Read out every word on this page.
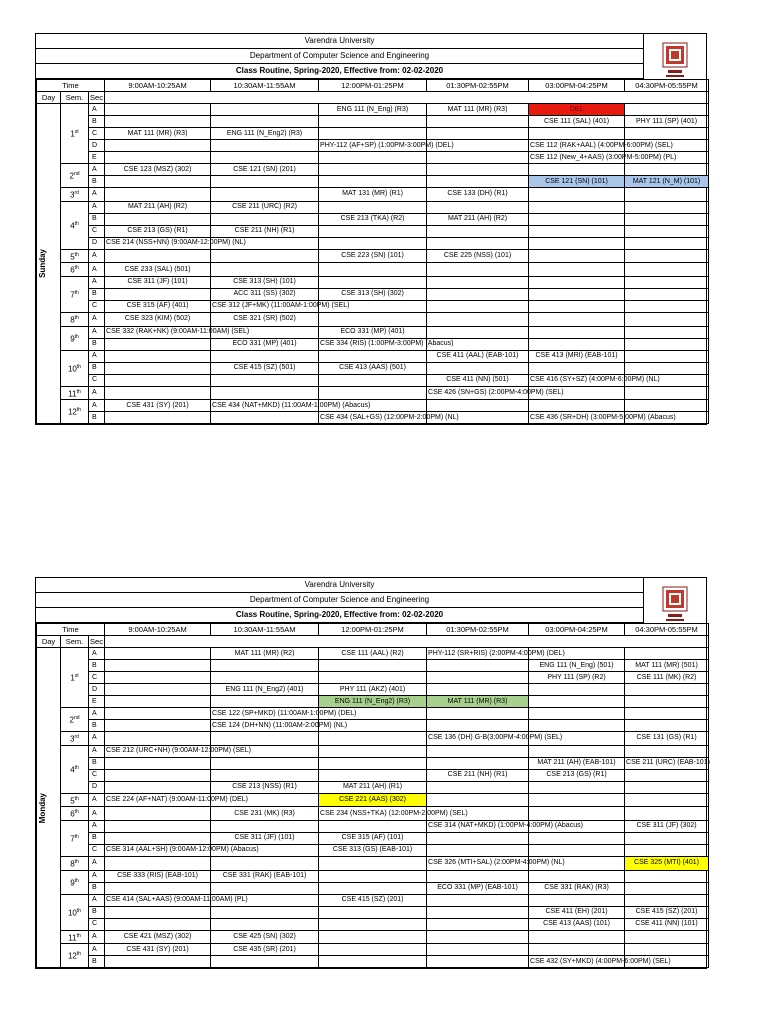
Varendra University
Department of Computer Science and Engineering
Class Routine, Spring-2020, Effective from: 02-02-2020
Time			9:00AM-10:25AM	10:30AM-11:55AM	12:00PM-01:25PM	01:30PM-02:55PM	03:00PM-04:25PM	04:30PM-05:55PM
Day	Sem.	Sec						

Sunday	1st	A			ENG 111 (N_Eng) (R3)	MAT 111 (MR) (R3)	DEL	
		B					CSE 111 (SAL) (401)	PHY 111 (SP) (401)
		C	MAT 111 (MR) (R3)	ENG 111 (N_Eng2) (R3)				
		D			PHY-112 (AF+SP) (1:00PM-3:00PM) (DEL)		CSE 112 (RAK+AAL) (4:00PM-6:00PM) (SEL)	
		E					CSE 112 (New_4+AAS) (3:00PM-5:00PM) (PL)	
	2nd	A	CSE 123 (MSZ) (302)	CSE 121 (SN) (201)				
		B					CSE 121 (SN) (101)	MAT 121 (N_M) (101)
	3rd	A			MAT 131 (MR) (R1)	CSE 133 (DH) (R1)		
	4th	A	MAT 211 (AH) (R2)	CSE 211 (URC) (R2)				
		B			CSE 213 (TKA) (R2)	MAT 211 (AH) (R2)		
		C	CSE 213 (GS) (R1)	CSE 211 (NH) (R1)				
		D	CSE 214 (NSS+NN) (9:00AM-12:00PM) (NL)					
	5th	A			CSE 223 (SN) (101)	CSE 225 (NSS) (101)		
	6th	A	CSE 233 (SAL) (501)					
	7th	A	CSE 311 (JF) (101)	CSE 313 (SH) (101)				
		B		ACC 311 (SS) (302)	CSE 313 (SH) (302)			
		C	CSE 315 (AF) (401)	CSE 312 (JF+MK) (11:00AM-1:00PM) (SEL)				
	8th	A	CSE 323 (KIM) (502)	CSE 321 (SR) (502)				
	9th	A	CSE 332 (RAK+NK) (9:00AM-11:00AM) (SEL)		ECO 331 (MP) (401)			
		B		ECO 331 (MP) (401)	CSE 334 (RIS) (1:00PM-3:00PM) (Abacus)			
	10th	A				CSE 411 (AAL) (EAB-101)	CSE 413 (MRI) (EAB-101)	
		B		CSE 415 (SZ) (501)	CSE 413 (AAS) (501)			
		C				CSE 411 (NN) (501)	CSE 416 (SY+SZ) (4:00PM-6:00PM) (NL)	
	11th	A				CSE 426 (SN+GS) (2:00PM-4:00PM) (SEL)		
	12th	A	CSE 431 (SY) (201)	CSE 434 (NAT+MKD) (11:00AM-1:00PM) (Abacus)				
		B			CSE 434 (SAL+GS) (12:00PM-2:00PM) (NL)		CSE 436 (SR+DH) (3:00PM-5:00PM) (Abacus)	
Varendra University
Department of Computer Science and Engineering
Class Routine, Spring-2020, Effective from: 02-02-2020
Time			9:00AM-10:25AM	10:30AM-11:55AM	12:00PM-01:25PM	01:30PM-02:55PM	03:00PM-04:25PM	04:30PM-05:55PM
Day	Sem.	Sec						

Monday	1st	A		MAT 111 (MR) (R2)	CSE 111 (AAL) (R2)	PHY-112 (SR+RIS) (2:00PM-4:00PM) (DEL)		
		B					ENG 111 (N_Eng) (501)	MAT 111 (MR) (501)
		C					PHY 111 (SP) (R2)	CSE 111 (MK) (R2)
		D		ENG 111 (N_Eng2) (401)	PHY 111 (AKZ) (401)			
		E			ENG 111 (N_Eng2) (R3)	MAT 111 (MR) (R3)		
	2nd	A		CSE 122 (SP+MKD) (11:00AM-1:00PM) (DEL)				
		B		CSE 124 (DH+NN) (11:00AM-2:00PM) (NL)				
	3rd	A				CSE 136 (DH) G-B(3:00PM-4:00PM) (SEL)		CSE 131 (GS) (R1)
	4th	A	CSE 212 (URC+NH) (9:00AM-12:00PM) (SEL)					
		B					MAT 211 (AH) (EAB-101)	CSE 211 (URC) (EAB-101)
		C				CSE 211 (NH) (R1)	CSE 213 (GS) (R1)	
		D		CSE 213 (NSS) (R1)	MAT 211 (AH) (R1)			
	5th	A	CSE 224 (AF+NAT) (9:00AM-11:00PM) (DEL)		CSE 221 (AAS) (302)			
	6th	A		CSE 231 (MK) (R3)	CSE 234 (NSS+TKA) (12:00PM-2:00PM) (SEL)			
	7th	A				CSE 314 (NAT+MKD) (1:00PM-4:00PM) (Abacus)		CSE 311 (JF) (302)
		B		CSE 311 (JF) (101)	CSE 315 (AF) (101)			
		C	CSE 314 (AAL+SH) (9:00AM-12:00PM) (Abacus)		CSE 313 (GS) (EAB-101)			
	8th	A				CSE 326 (MTI+SAL) (2:00PM-4:00PM) (NL)		CSE 325 (MTI) (401)
	9th	A	CSE 333 (RIS) (EAB-101)	CSE 331 (RAK) (EAB-101)				
		B				ECO 331 (MP) (EAB-101)	CSE 331 (RAK) (R3)	
	10th	A	CSE 414 (SAL+AAS) (9:00AM-11:00AM) (PL)		CSE 415 (SZ) (201)			
		B					CSE 411 (EH) (201)	CSE 415 (SZ) (201)
		C					CSE 413 (AAS) (101)	CSE 411 (NN) (101)
	11th	A	CSE 421 (MSZ) (302)	CSE 425 (SN) (302)				
	12th	A	CSE 431 (SY) (201)	CSE 435 (SR) (201)				
		B					CSE 432 (SY+MKD) (4:00PM-6:00PM) (SEL)	
